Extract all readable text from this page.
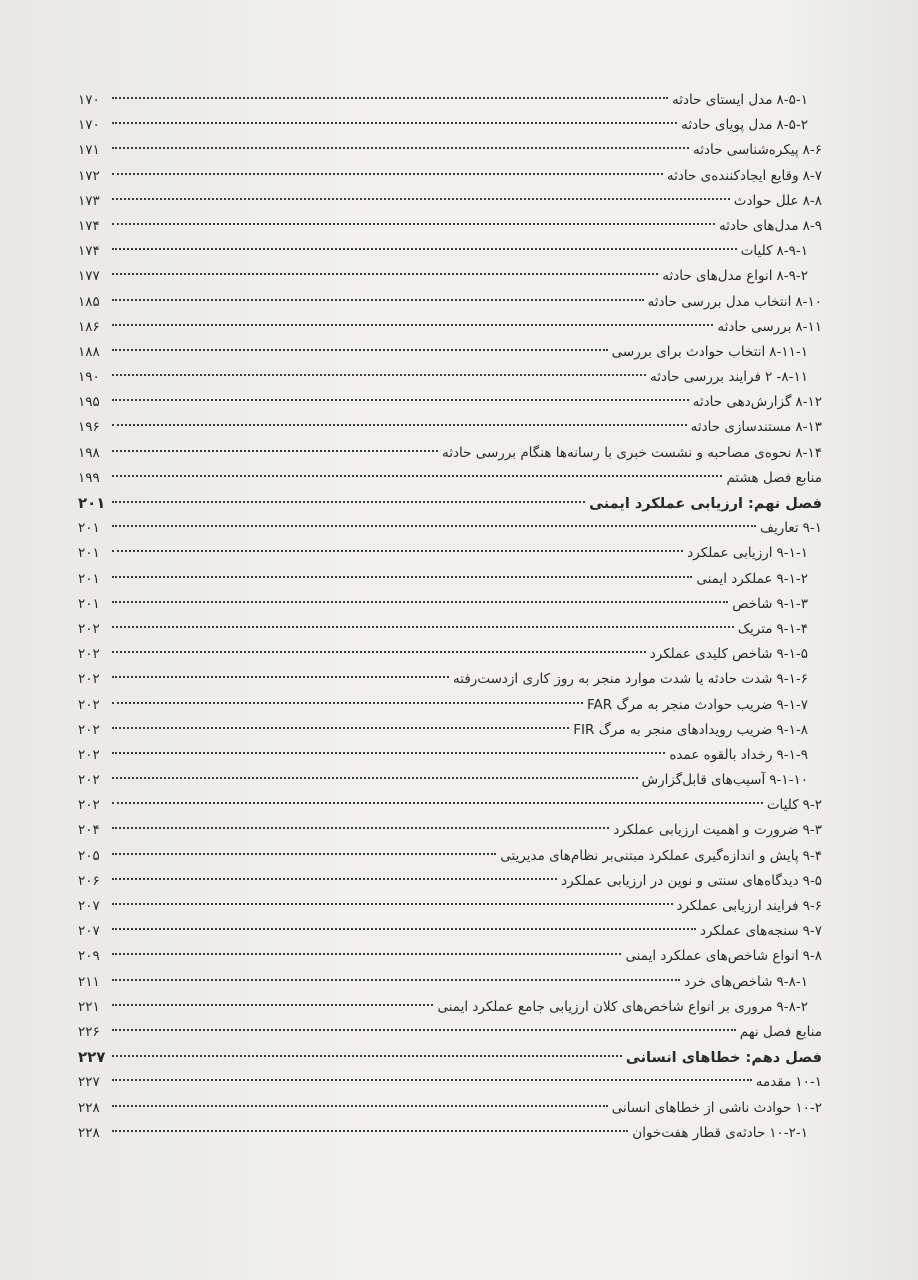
۸-۵-۱
مدل ایستای حادثه
۱۷۰
۸-۵-۲
مدل پویای حادثه
۱۷۰
۸-۶
پیکره‌شناسی حادثه
۱۷۱
۸-۷
وقایع ایجادکننده‌ی حادثه
۱۷۲
۸-۸
علل حوادث
۱۷۳
۸-۹
مدل‌های حادثه
۱۷۴
۸-۹-۱
کلیات
۱۷۴
۸-۹-۲
انواع مدل‌های حادثه
۱۷۷
۸-۱۰
انتخاب مدل بررسی حادثه
۱۸۵
۸-۱۱
بررسی حادثه
۱۸۶
۸-۱۱-۱
انتخاب حوادث برای بررسی
۱۸۸
۸-۱۱- ۲
فرایند بررسی حادثه
۱۹۰
۸-۱۲
گزارش‌دهی حادثه
۱۹۵
۸-۱۳
مستندسازی حادثه
۱۹۶
۸-۱۴
نحوه‌ی مصاحبه و نشست خبری با رسانه‌ها هنگام بررسی حادثه
۱۹۸
منابع فصل هشتم
۱۹۹
فصل نهم: ارزیابی عملکرد ایمنی
۲۰۱
۹-۱
تعاریف
۲۰۱
۹-۱-۱
ارزیابی عملکرد
۲۰۱
۹-۱-۲
عملکرد ایمنی
۲۰۱
۹-۱-۳
شاخص
۲۰۱
۹-۱-۴
متریک
۲۰۲
۹-۱-۵
شاخص کلیدی عملکرد
۲۰۲
۹-۱-۶
شدت حادثه یا شدت موارد منجر به روز کاری ازدست‌رفته
۲۰۲
۹-۱-۷
ضریب حوادث منجر به مرگ FAR
۲۰۲
۹-۱-۸
ضریب رویدادهای منجر به مرگ FIR
۲۰۲
۹-۱-۹
رخداد بالقوه عمده
۲۰۲
۹-۱-۱۰
آسیب‌های قابل‌گزارش
۲۰۲
۹-۲
کلیات
۲۰۲
۹-۳
ضرورت و اهمیت ارزیابی عملکرد
۲۰۴
۹-۴
پایش و اندازه‌گیری عملکرد مبتنی‌بر نظام‌های مدیریتی
۲۰۵
۹-۵
دیدگاه‌های سنتی و نوین در ارزیابی عملکرد
۲۰۶
۹-۶
فرایند ارزیابی عملکرد
۲۰۷
۹-۷
سنجه‌های عملکرد
۲۰۷
۹-۸
انواع شاخص‌های عملکرد ایمنی
۲۰۹
۹-۸-۱
شاخص‌های خرد
۲۱۱
۹-۸-۲
مروری بر انواع شاخص‌های کلان ارزیابی جامع عملکرد ایمنی
۲۲۱
منابع فصل نهم
۲۲۶
فصل دهم: خطاهای انسانی
۲۲۷
۱۰-۱
مقدمه
۲۲۷
۱۰-۲
حوادث ناشی از خطاهای انسانی
۲۲۸
۱۰-۲-۱
حادثه‌ی قطار هفت‌خوان
۲۲۸
